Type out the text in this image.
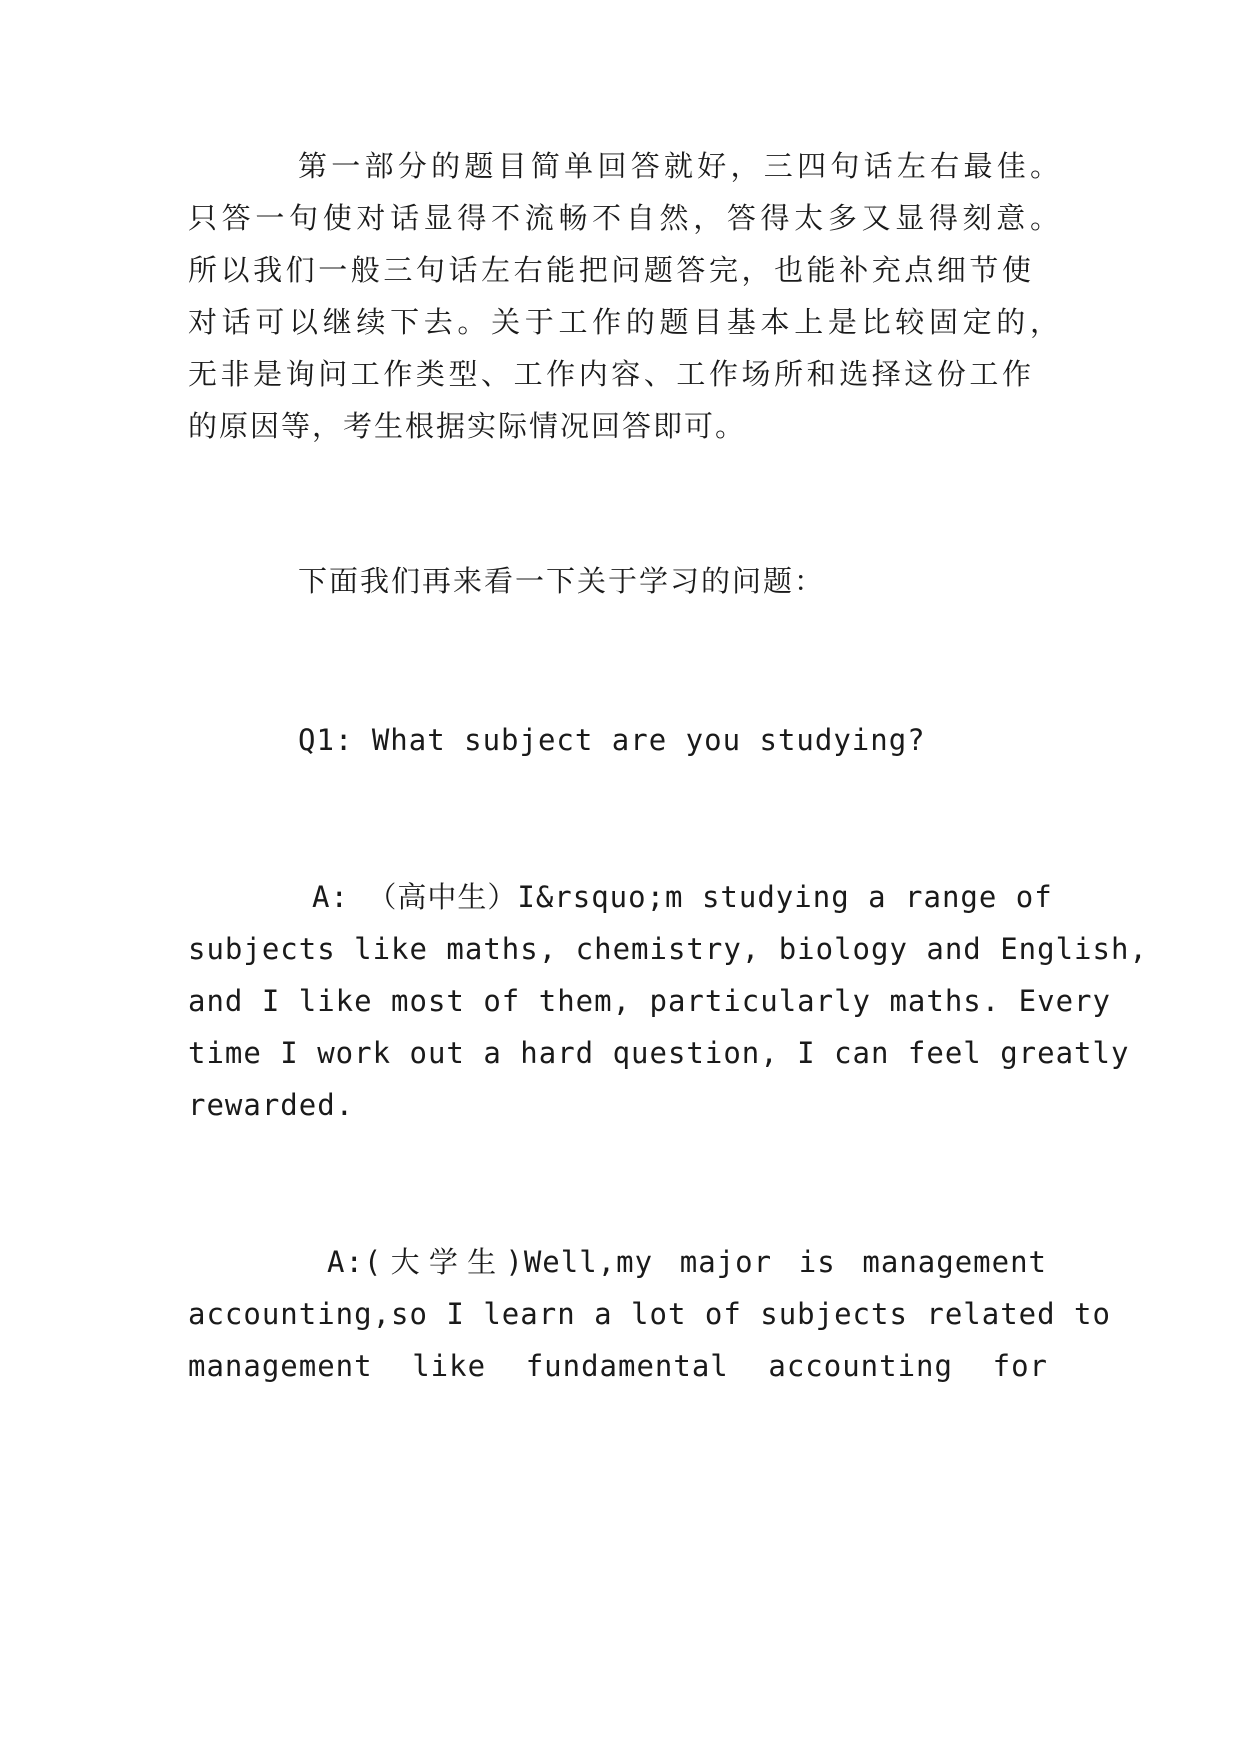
第一部分的题目简单回答就好，三四句话左右最佳。
只答一句使对话显得不流畅不自然，答得太多又显得刻意。
所以我们一般三句话左右能把问题答完，也能补充点细节使
对话可以继续下去。关于工作的题目基本上是比较固定的，
无非是询问工作类型、工作内容、工作场所和选择这份工作
的原因等，考生根据实际情况回答即可。
下面我们再来看一下关于学习的问题：
Q1: What subject are you studying?
A: （高中生）I&rsquo;m studying a range of
subjects like maths, chemistry, biology and English,
and I like most of them, particularly maths. Every
time I work out a hard question, I can feel greatly
rewarded.
A:(大学生)Well,my major is management
accounting,so I learn a lot of subjects related to
management like fundamental accounting for
